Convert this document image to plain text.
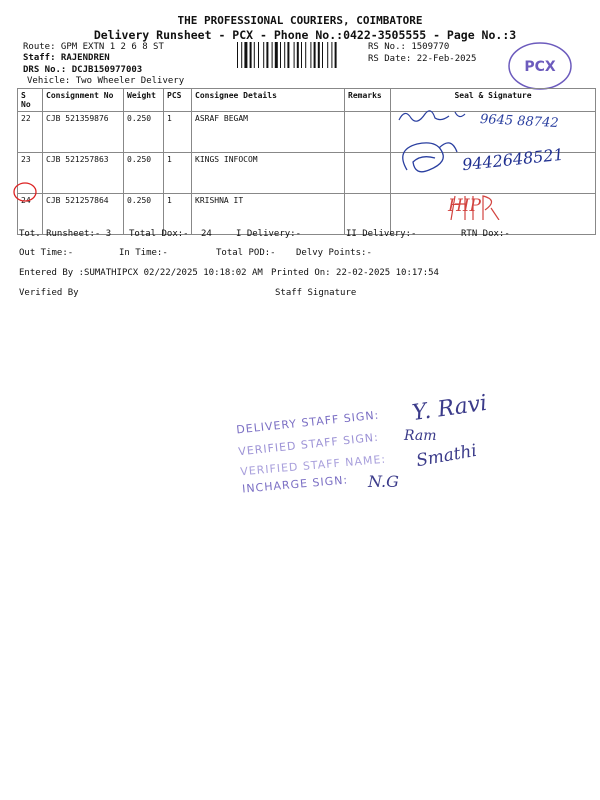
THE PROFESSIONAL COURIERS, COIMBATORE
Delivery Runsheet - PCX - Phone No.:0422-3505555 - Page No.:3
Route: GPM EXTN 1 2 6 8 ST
Staff: RAJENDREN
DRS No.: DCJB150977003
Vehicle: Two Wheeler Delivery
RS No.: 1509770
RS Date: 22-Feb-2025	PCX
S No	Consignment No	Weight	PCS	Consignee Details	Remarks	Seal & Signature
22	CJB 521359876	0.250	1	ASRAF BEGAM		
23	CJB 521257863	0.250	1	KINGS INFOCOM		
24	CJB 521257864	0.250	1	KRISHNA IT		
9645 88742
9442648521
HIP
Tot. Runsheet:- 3 Total Dox:- 24	I Delivery:-	II Delivery:-	RTN Dox:-
Out Time:-	In Time:-	Total POD:- Delvy Points:-
Entered By :SUMATHIPCX 02/22/2025 10:18:02 AM Printed On: 22-02-2025 10:17:54
Verified By	Staff Signature
DELIVERY STAFF SIGN:
VERIFIED STAFF SIGN:
VERIFIED STAFF NAME:
INCHARGE SIGN:
Y. Ravi
Ram
Smathi
N.G
